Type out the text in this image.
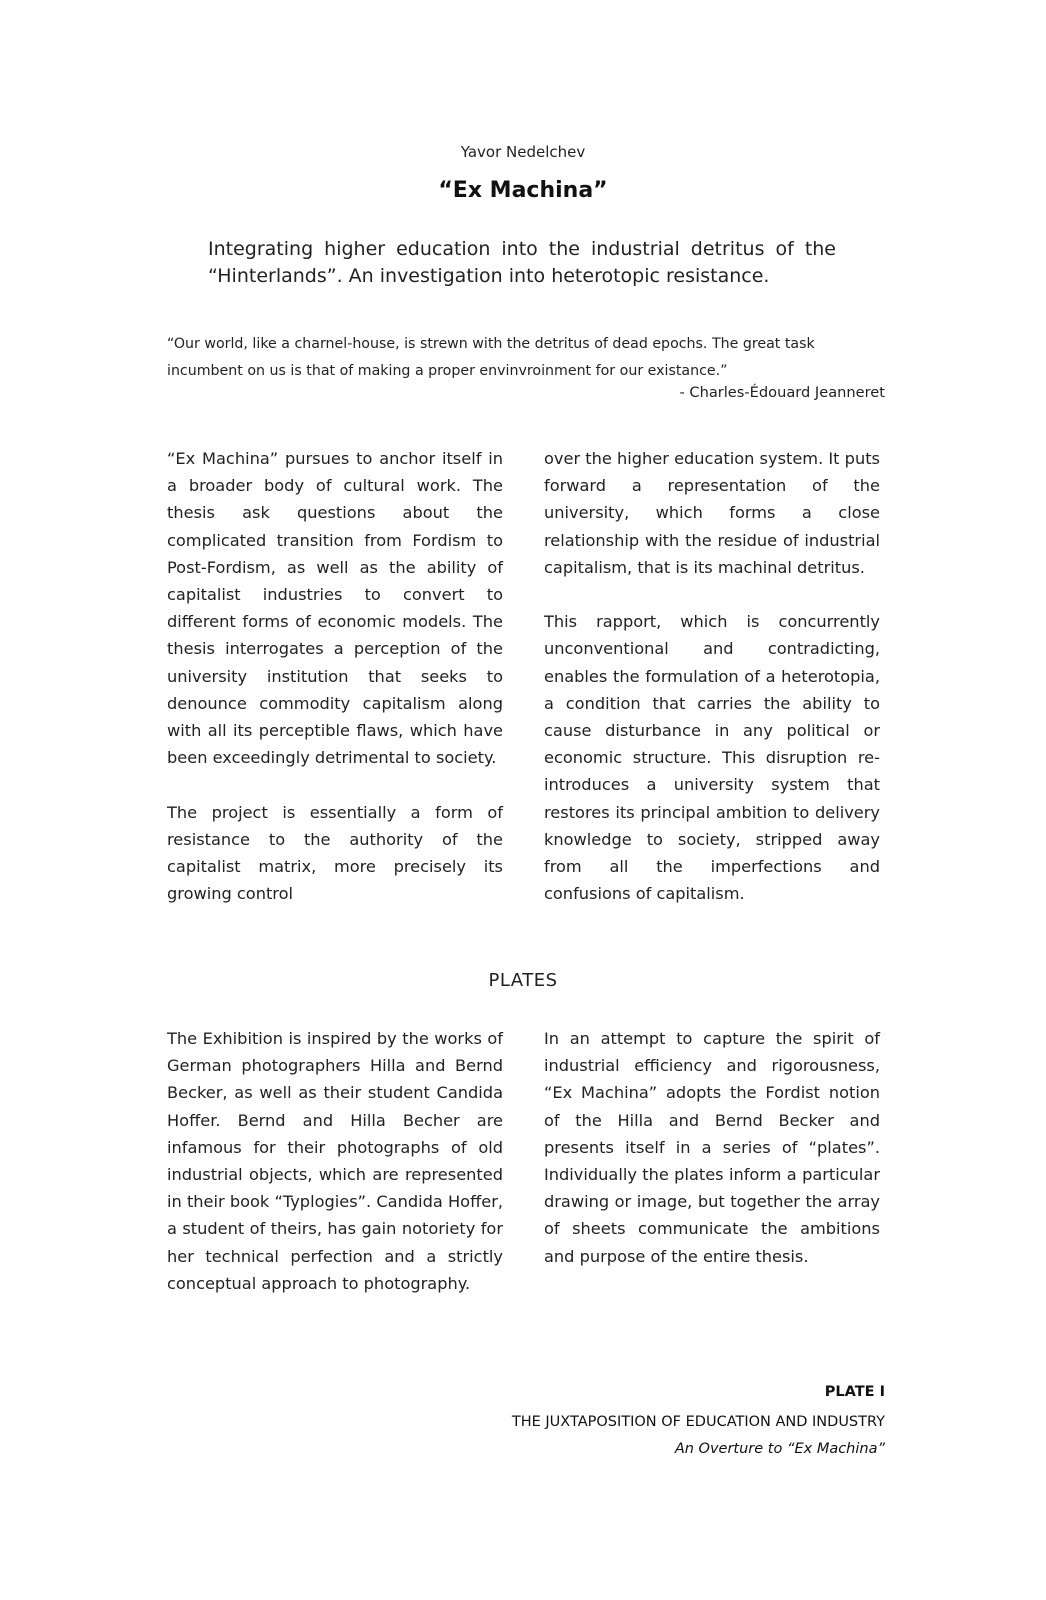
Yavor Nedelchev
“Ex Machina”
Integrating higher education into the industrial detritus of the “Hinterlands”. An investigation into heterotopic resistance.
“Our world, like a charnel-house, is strewn with the detritus of dead epochs. The great task incumbent on us is that of making a proper envinvroinment for our existance.”
- Charles-Édouard Jeanneret

“Ex Machina” pursues to anchor itself in a broader body of cultural work. The thesis ask questions about the complicated transition from Fordism to Post-Fordism, as well as the ability of capitalist industries to convert to different forms of economic models. The thesis interrogates a perception of the university institution that seeks to denounce commodity capitalism along with all its perceptible flaws, which have been exceedingly detrimental to society.

The project is essentially a form of resistance to the authority of the capitalist matrix, more precisely its growing control

over the higher education system. It puts forward a representation of the university, which forms a close relationship with the residue of industrial capitalism, that is its machinal detritus.

This rapport, which is concurrently unconventional and contradicting, enables the formulation of a heterotopia, a condition that carries the ability to cause disturbance in any political or economic structure. This disruption re-introduces a university system that restores its principal ambition to delivery knowledge to society, stripped away from all the imperfections and confusions of capitalism.

PLATES

The Exhibition is inspired by the works of German photographers Hilla and Bernd Becker, as well as their student Candida Hoffer. Bernd and Hilla Becher are infamous for their photographs of old industrial objects, which are represented in their book “Typlogies”. Candida Hoffer, a student of theirs, has gain notoriety for her technical perfection and a strictly conceptual approach to photography.

In an attempt to capture the spirit of industrial efficiency and rigorousness, “Ex Machina” adopts the Fordist notion of the Hilla and Bernd Becker and presents itself in a series of “plates”. Individually the plates inform a particular drawing or image, but together the array of sheets communicate the ambitions and purpose of the entire thesis.

PLATE I
THE JUXTAPOSITION OF EDUCATION AND INDUSTRY
An Overture to “Ex Machina”
